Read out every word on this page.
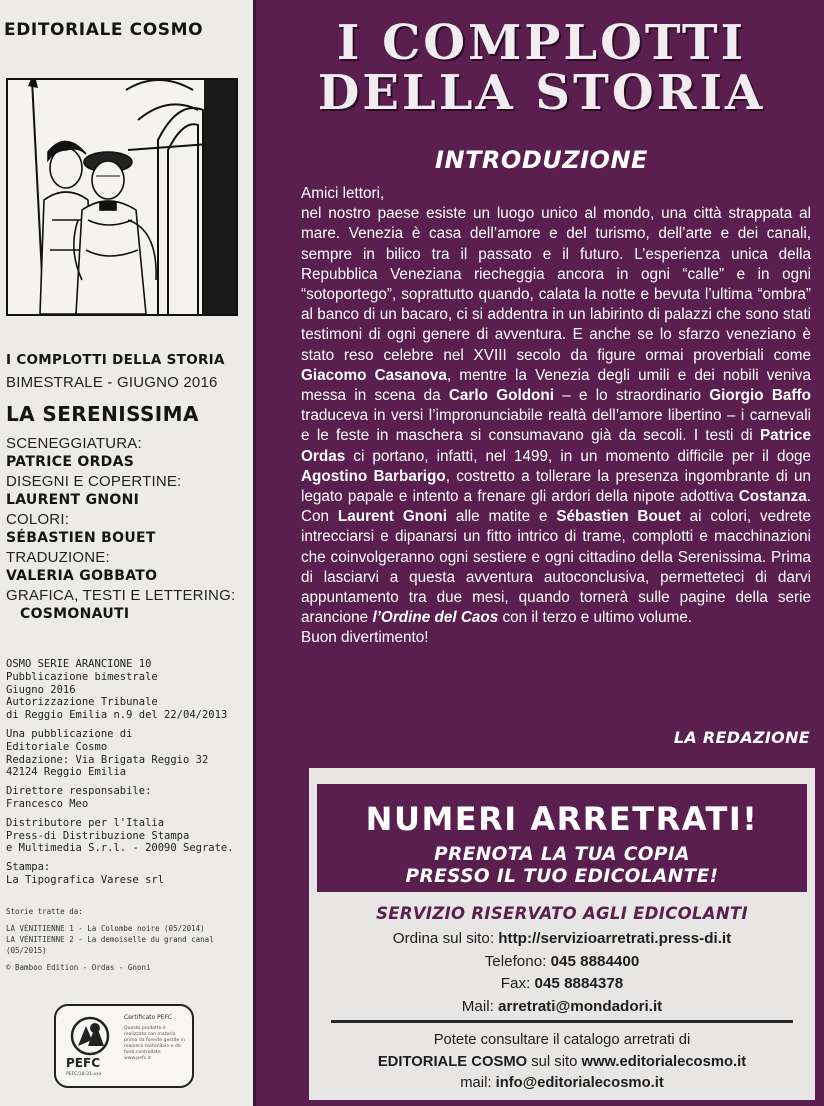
EDITORIALE COSMO
I COMPLOTTI DELLA STORIA
BIMESTRALE - GIUGNO 2016
LA SERENISSIMA
SCENEGGIATURA:
PATRICE ORDAS
DISEGNI E COPERTINE:
LAURENT GNONI
COLORI:
SÉBASTIEN BOUET
TRADUZIONE:
VALERIA GOBBATO
GRAFICA, TESTI E LETTERING:
COSMONAUTI
OSMO SERIE ARANCIONE 10
Pubblicazione bimestrale
Giugno 2016
Autorizzazione Tribunale
di Reggio Emilia n.9 del 22/04/2013
Una pubblicazione di
Editoriale Cosmo
Redazione: Via Brigata Reggio 32
42124 Reggio Emilia
Direttore responsabile:
Francesco Meo
Distributore per l'Italia
Press-di Distribuzione Stampa
e Multimedia S.r.l. - 20090 Segrate.
Stampa:
La Tipografica Varese srl
Storie tratte da:
LA VÉNITIENNE 1 - La Colombe noire (05/2014)
LA VÉNITIENNE 2 - La demoiselle du grand canal (05/2015)
© Bamboo Edition - Ordas - Gnoni
PEFC
PEFC/18-31-xxx
Certificato PEFC
Questo prodotto è realizzato con materia prima da foreste gestite in maniera sostenibile e da fonti controllate www.pefc.it
I COMPLOTTI
DELLA STORIA
INTRODUZIONE
Amici lettori,
nel nostro paese esiste un luogo unico al mondo, una città strappata al mare. Venezia è casa dell’amore e del turismo, dell’arte e dei canali, sempre in bilico tra il passato e il futuro. L’esperienza unica della Repubblica Veneziana riecheggia ancora in ogni “calle” e in ogni “sotoportego”, soprattutto quando, calata la notte e bevuta l’ultima “ombra” al banco di un bacaro, ci si addentra in un labirinto di palazzi che sono stati testimoni di ogni genere di avventura. E anche se lo sfarzo veneziano è stato reso celebre nel XVIII secolo da figure ormai proverbiali come Giacomo Casanova, mentre la Venezia degli umili e dei nobili veniva messa in scena da Carlo Goldoni – e lo straordinario Giorgio Baffo traduceva in versi l’impronunciabile realtà dell’amore libertino – i carnevali e le feste in maschera si consumavano già da secoli. I testi di Patrice Ordas ci portano, infatti, nel 1499, in un momento difficile per il doge Agostino Barbarigo, costretto a tollerare la presenza ingombrante di un legato papale e intento a frenare gli ardori della nipote adottiva Costanza. Con Laurent Gnoni alle matite e Sébastien Bouet ai colori, vedrete intrecciarsi e dipanarsi un fitto intrico di trame, complotti e macchinazioni che coinvolgeranno ogni sestiere e ogni cittadino della Serenissima. Prima di lasciarvi a questa avventura autoconclusiva, permetteteci di darvi appuntamento tra due mesi, quando tornerà sulle pagine della serie arancione l’Ordine del Caos con il terzo e ultimo volume.
Buon divertimento!
LA REDAZIONE
NUMERI ARRETRATI!
PRENOTA LA TUA COPIA
PRESSO IL TUO EDICOLANTE!
SERVIZIO RISERVATO AGLI EDICOLANTI
Ordina sul sito: http://servizioarretrati.press-di.it
Telefono: 045 8884400
Fax: 045 8884378
Mail: arretrati@mondadori.it
Potete consultare il catalogo arretrati di
EDITORIALE COSMO sul sito www.editorialecosmo.it
mail: info@editorialecosmo.it
